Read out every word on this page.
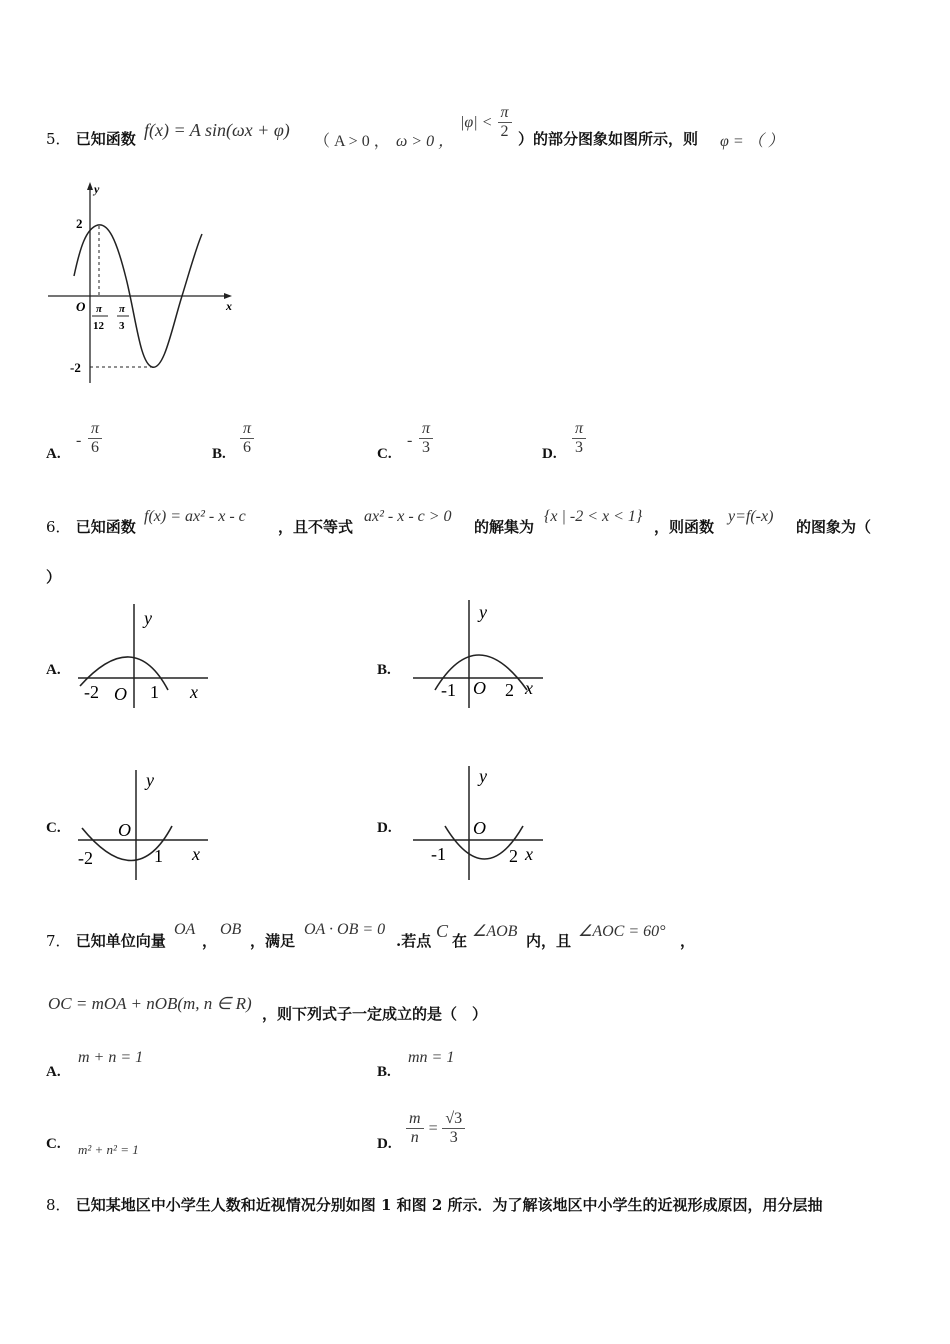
5． 已知函数 f(x) = A sin(ωx + φ)
（ A > 0 ， ω > 0 ，
$|\varphi| < \frac{\pi}{2}$ ）的部分图象如图所示，则 φ = （ ）
y
x
O
2
-2
π
12
π
3
A.
- $\frac{\pi}{6}$	B. $\frac{\pi}{6}$	C.
- $\frac{\pi}{3}$	D. $\frac{\pi}{3}$
6． 已知函数
f(x) = ax² - x - c
，且不等式
ax² - x - c > 0
的解集为
{x | -2 < x < 1}
，则函数
y=f(-x)
的图象为（
）
A.
y
x
O
-2	1
B.
y
x
O
-1	2
C.
y
x
O
-2	1
D.
y
x
O
-1	2
7． 已知单位向量
OA
，
OB
，满足
OA · OB = 0
.若点 C 在
∠AOB
内，且
∠AOC = 60°
，
OC = mOA + nOB(m, n ∈ R)
，则下列式子一定成立的是（　）
A.
m + n = 1
B.
mn = 1
C. m² + n² = 1	D. $\frac{m}{n} = \frac{√3}{3}$
8． 已知某地区中小学生人数和近视情况分别如图 1 和图 2 所示．为了解该地区中小学生的近视形成原因，用分层抽
